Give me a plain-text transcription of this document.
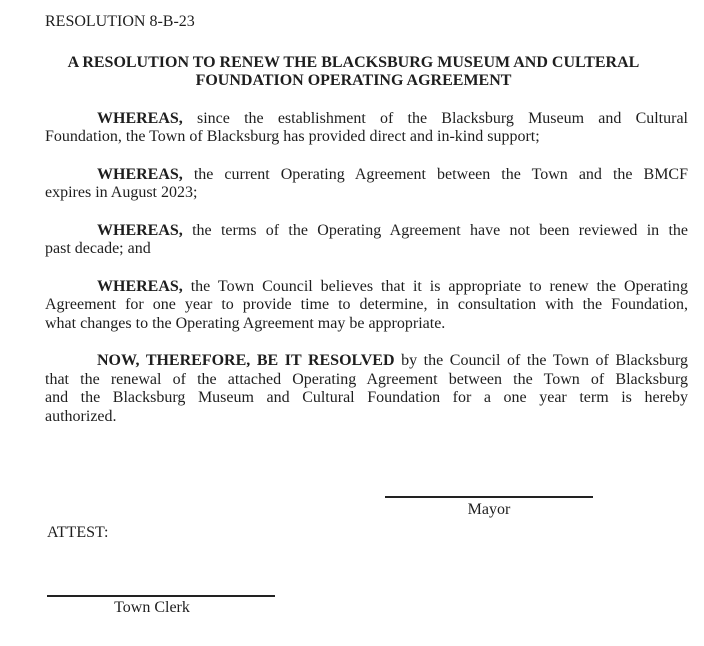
RESOLUTION 8-B-23
A RESOLUTION TO RENEW THE BLACKSBURG MUSEUM AND CULTERAL
FOUNDATION OPERATING AGREEMENT
WHEREAS, since the establishment of the Blacksburg Museum and Cultural
Foundation, the Town of Blacksburg has provided direct and in-kind support;
WHEREAS, the current Operating Agreement between the Town and the BMCF
expires in August 2023;
WHEREAS, the terms of the Operating Agreement have not been reviewed in the
past decade; and
WHEREAS, the Town Council believes that it is appropriate to renew the Operating
Agreement for one year to provide time to determine, in consultation with the Foundation,
what changes to the Operating Agreement may be appropriate.
NOW, THEREFORE, BE IT RESOLVED by the Council of the Town of Blacksburg
that the renewal of the attached Operating Agreement between the Town of Blacksburg
and the Blacksburg Museum and Cultural Foundation for a one year term is hereby
authorized.
Mayor
ATTEST:
Town Clerk
